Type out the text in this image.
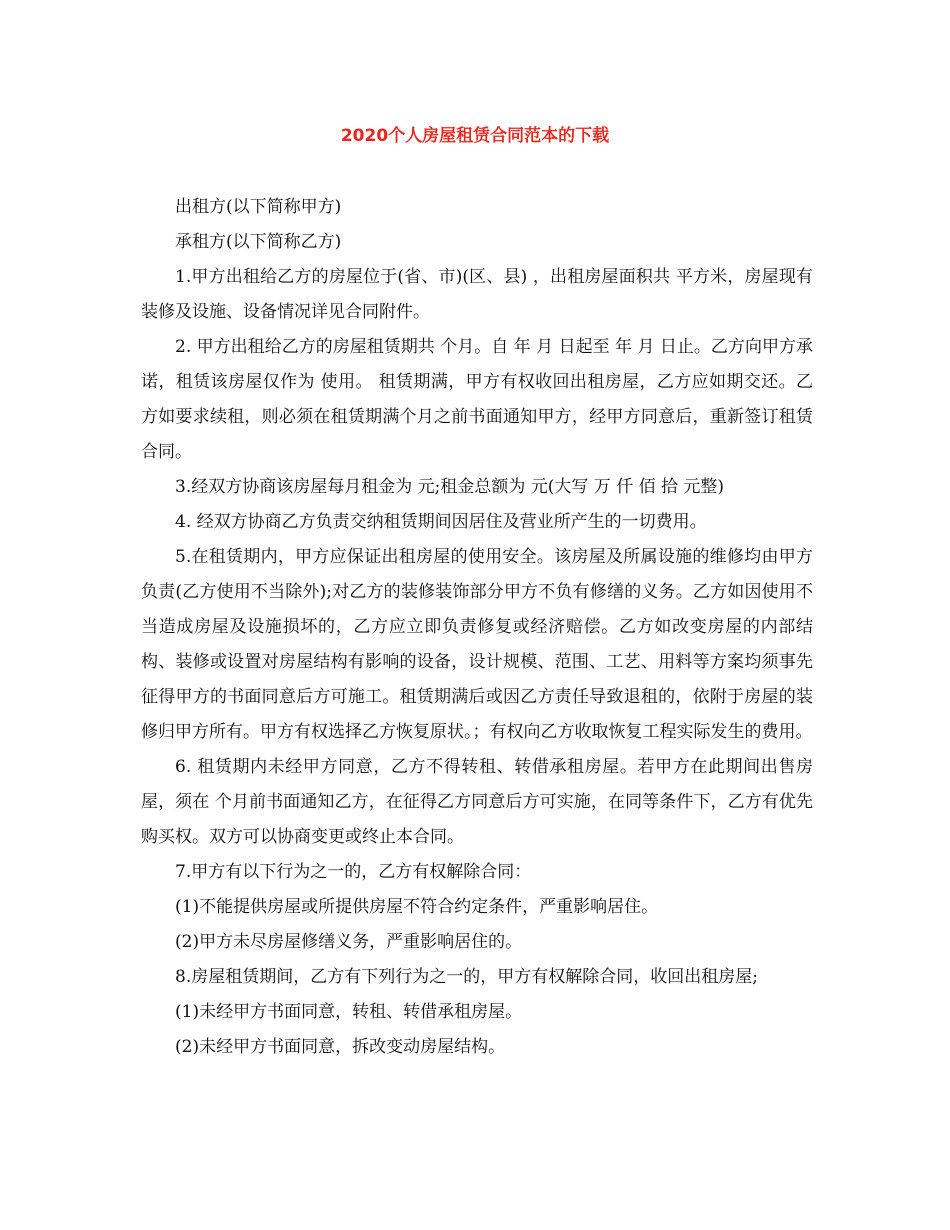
2020个人房屋租赁合同范本的下载

出租方(以下简称甲方)

承租方(以下简称乙方)

1.甲方出租给乙方的房屋位于(省、市)(区、县) ，出租房屋面积共 平方米，房屋现有装修及设施、设备情况详见合同附件。

2. 甲方出租给乙方的房屋租赁期共 个月。自 年 月 日起至 年 月 日止。乙方向甲方承诺，租赁该房屋仅作为 使用。 租赁期满，甲方有权收回出租房屋，乙方应如期交还。乙方如要求续租，则必须在租赁期满个月之前书面通知甲方，经甲方同意后，重新签订租赁合同。

3.经双方协商该房屋每月租金为 元;租金总额为 元(大写 万 仟 佰 拾 元整)

4. 经双方协商乙方负责交纳租赁期间因居住及营业所产生的一切费用。

5.在租赁期内，甲方应保证出租房屋的使用安全。该房屋及所属设施的维修均由甲方负责(乙方使用不当除外);对乙方的装修装饰部分甲方不负有修缮的义务。乙方如因使用不当造成房屋及设施损坏的，乙方应立即负责修复或经济赔偿。乙方如改变房屋的内部结构、装修或设置对房屋结构有影响的设备，设计规模、范围、工艺、用料等方案均须事先征得甲方的书面同意后方可施工。租赁期满后或因乙方责任导致退租的，依附于房屋的装修归甲方所有。甲方有权选择乙方恢复原状。；有权向乙方收取恢复工程实际发生的费用。

6. 租赁期内未经甲方同意，乙方不得转租、转借承租房屋。若甲方在此期间出售房屋，须在 个月前书面通知乙方，在征得乙方同意后方可实施，在同等条件下，乙方有优先购买权。双方可以协商变更或终止本合同。

7.甲方有以下行为之一的，乙方有权解除合同：

(1)不能提供房屋或所提供房屋不符合约定条件，严重影响居住。

(2)甲方未尽房屋修缮义务，严重影响居住的。

8.房屋租赁期间，乙方有下列行为之一的，甲方有权解除合同，收回出租房屋;

(1)未经甲方书面同意，转租、转借承租房屋。

(2)未经甲方书面同意，拆改变动房屋结构。
